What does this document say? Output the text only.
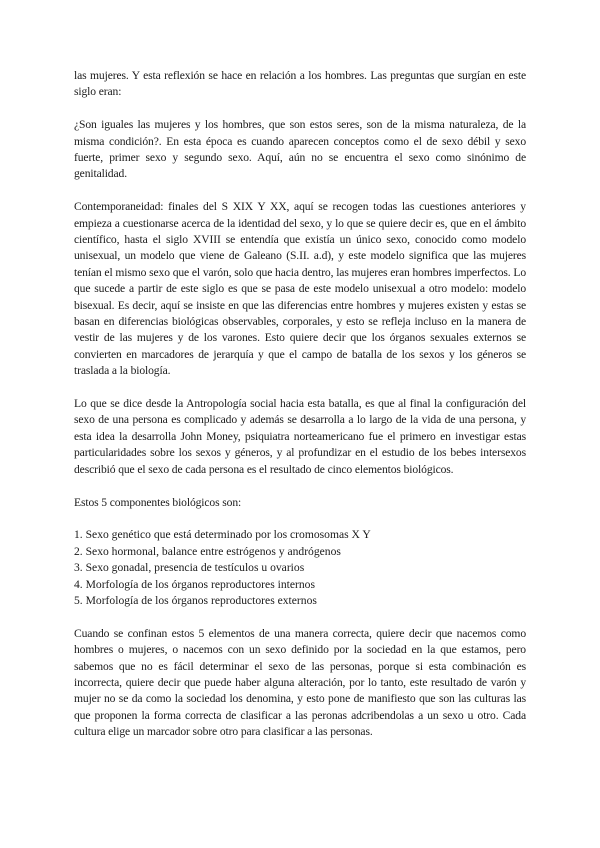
las mujeres. Y esta reflexión se hace en relación a los hombres. Las preguntas que surgían en este siglo eran:

¿Son iguales las mujeres y los hombres, que son estos seres, son de la misma naturaleza, de la misma condición?. En esta época es cuando aparecen conceptos como el de sexo débil y sexo fuerte, primer sexo y segundo sexo. Aquí, aún no se encuentra el sexo como sinónimo de genitalidad.

Contemporaneidad: finales del S XIX Y XX, aquí se recogen todas las cuestiones anteriores y empieza a cuestionarse acerca de la identidad del sexo, y lo que se quiere decir es, que en el ámbito científico, hasta el siglo XVIII se entendía que existía un único sexo, conocido como modelo unisexual, un modelo que viene de Galeano (S.II. a.d), y este modelo significa que las mujeres tenían el mismo sexo que el varón, solo que hacia dentro, las mujeres eran hombres imperfectos. Lo que sucede a partir de este siglo es que se pasa de este modelo unisexual a otro modelo: modelo bisexual. Es decir, aquí se insiste en que las diferencias entre hombres y mujeres existen y estas se basan en diferencias biológicas observables, corporales, y esto se refleja incluso en la manera de vestir de las mujeres y de los varones. Esto quiere decir que los órganos sexuales externos se convierten en marcadores de jerarquía y que el campo de batalla de los sexos y los géneros se traslada a la biología.

Lo que se dice desde la Antropología social hacia esta batalla, es que al final la configuración del sexo de una persona es complicado y además se desarrolla a lo largo de la vida de una persona, y esta idea la desarrolla John Money, psiquiatra norteamericano fue el primero en investigar estas particularidades sobre los sexos y géneros, y al profundizar en el estudio de los bebes intersexos describió que el sexo de cada persona es el resultado de cinco elementos biológicos.

Estos 5 componentes biológicos son:

1. Sexo genético que está determinado por los cromosomas X Y
2. Sexo hormonal, balance entre estrógenos y andrógenos
3. Sexo gonadal, presencia de testículos u ovarios
4. Morfología de los órganos reproductores internos
5. Morfología de los órganos reproductores externos

Cuando se confinan estos 5 elementos de una manera correcta, quiere decir que nacemos como hombres o mujeres, o nacemos con un sexo definido por la sociedad en la que estamos, pero sabemos que no es fácil determinar el sexo de las personas, porque si esta combinación es incorrecta, quiere decir que puede haber alguna alteración, por lo tanto, este resultado de varón y mujer no se da como la sociedad los denomina, y esto pone de manifiesto que son las culturas las que proponen la forma correcta de clasificar a las peronas adcribendolas a un sexo u otro. Cada cultura elige un marcador sobre otro para clasificar a las personas.
